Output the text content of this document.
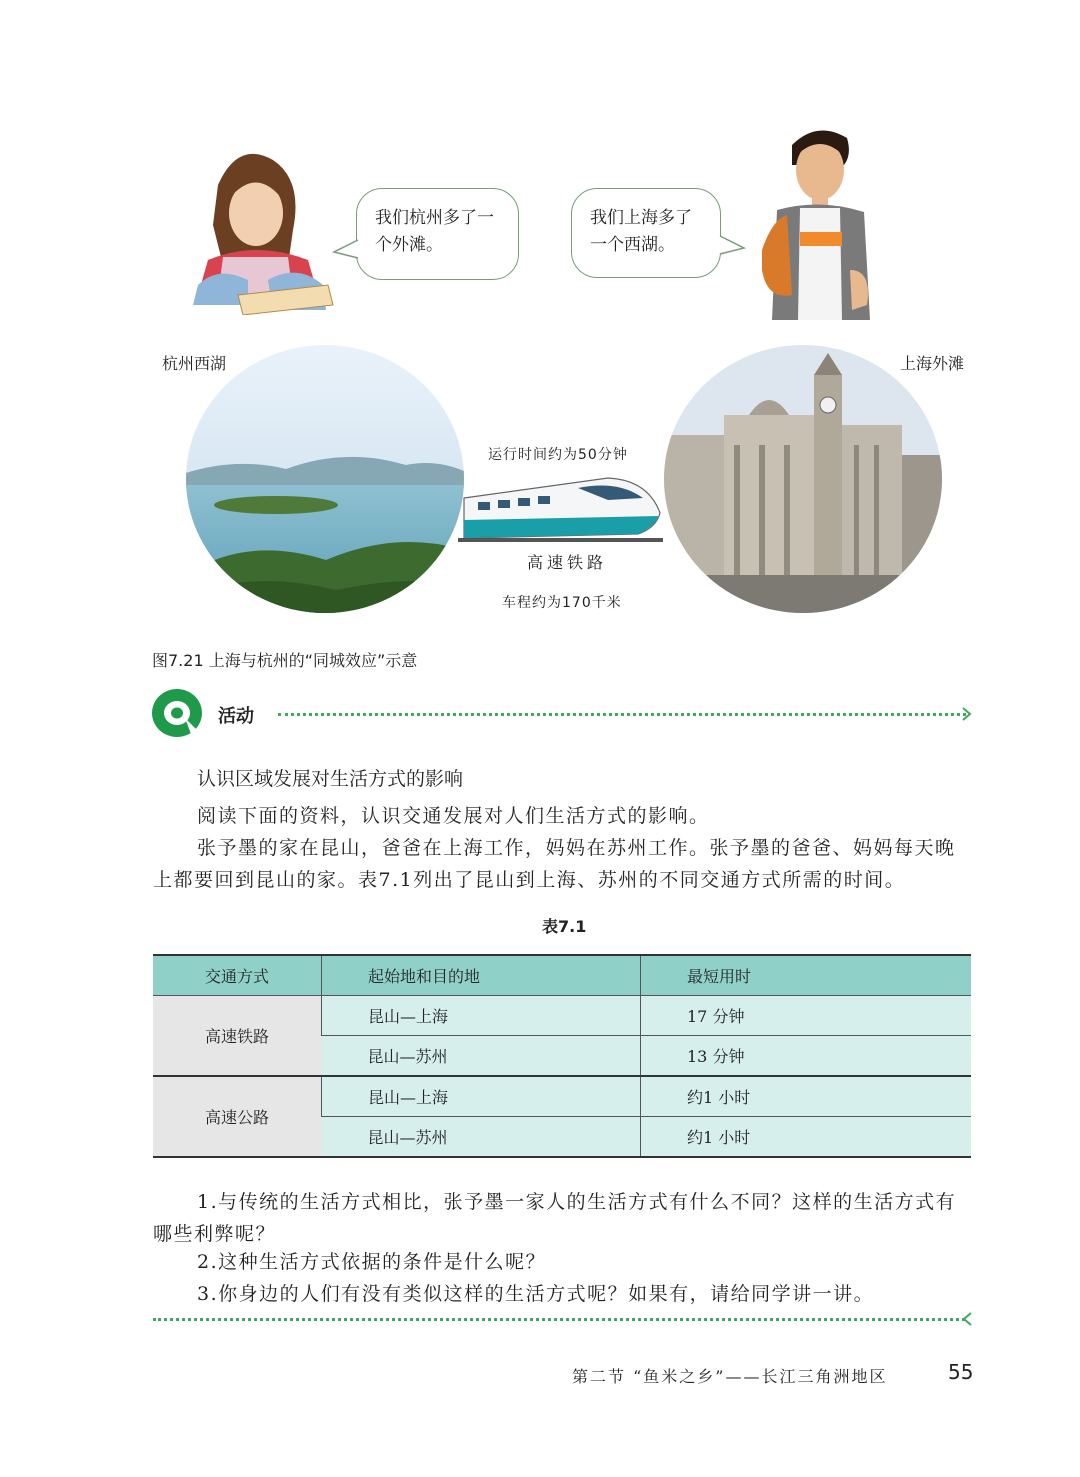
我们杭州多了一个外滩。
我们上海多了一个西湖。
杭州西湖	上海外滩
运行时间约为50分钟
高速铁路
车程约为170千米
图7.21 上海与杭州的“同城效应”示意
活动
认识区域发展对生活方式的影响
阅读下面的资料，认识交通发展对人们生活方式的影响。
张予墨的家在昆山，爸爸在上海工作，妈妈在苏州工作。张予墨的爸爸、妈妈每天晚上都要回到昆山的家。表7.1列出了昆山到上海、苏州的不同交通方式所需的时间。
表7.1
交通方式	起始地和目的地	最短用时
高速铁路	昆山—上海	17 分钟
	昆山—苏州	13 分钟
高速公路	昆山—上海	约1 小时
	昆山—苏州	约1 小时
1.与传统的生活方式相比，张予墨一家人的生活方式有什么不同？这样的生活方式有哪些利弊呢？
2.这种生活方式依据的条件是什么呢？
3.你身边的人们有没有类似这样的生活方式呢？如果有，请给同学讲一讲。
第二节 “鱼米之乡”——长江三角洲地区	55
